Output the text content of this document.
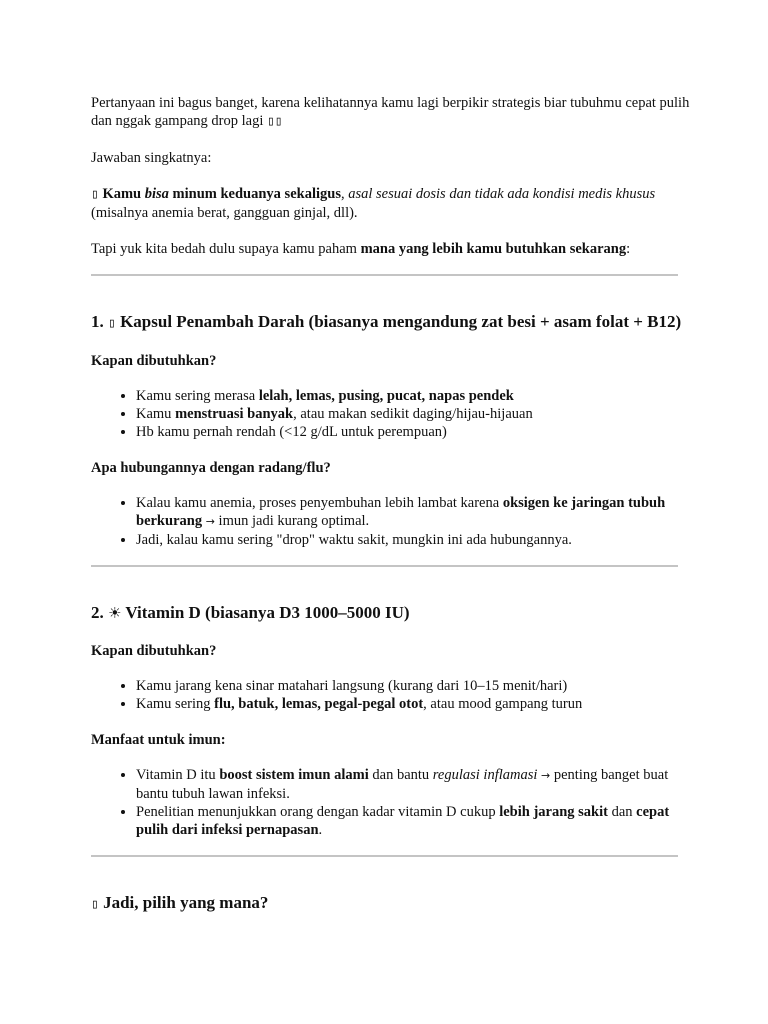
Pertanyaan ini bagus banget, karena kelihatannya kamu lagi berpikir strategis biar tubuhmu cepat pulih dan nggak gampang drop lagi ▯▯

Jawaban singkatnya:

▯ Kamu bisa minum keduanya sekaligus, asal sesuai dosis dan tidak ada kondisi medis khusus (misalnya anemia berat, gangguan ginjal, dll).

Tapi yuk kita bedah dulu supaya kamu paham mana yang lebih kamu butuhkan sekarang:

1. ▯ Kapsul Penambah Darah (biasanya mengandung zat besi + asam folat + B12)

Kapan dibutuhkan?

• Kamu sering merasa lelah, lemas, pusing, pucat, napas pendek
• Kamu menstruasi banyak, atau makan sedikit daging/hijau-hijauan
• Hb kamu pernah rendah (<12 g/dL untuk perempuan)

Apa hubungannya dengan radang/flu?

• Kalau kamu anemia, proses penyembuhan lebih lambat karena oksigen ke jaringan tubuh berkurang → imun jadi kurang optimal.
• Jadi, kalau kamu sering "drop" waktu sakit, mungkin ini ada hubungannya.
2. ☀ Vitamin D (biasanya D3 1000–5000 IU)

Kapan dibutuhkan?

• Kamu jarang kena sinar matahari langsung (kurang dari 10–15 menit/hari)
• Kamu sering flu, batuk, lemas, pegal-pegal otot, atau mood gampang turun

Manfaat untuk imun:

• Vitamin D itu boost sistem imun alami dan bantu regulasi inflamasi → penting banget buat bantu tubuh lawan infeksi.
• Penelitian menunjukkan orang dengan kadar vitamin D cukup lebih jarang sakit dan cepat pulih dari infeksi pernapasan.
▯ Jadi, pilih yang mana?
